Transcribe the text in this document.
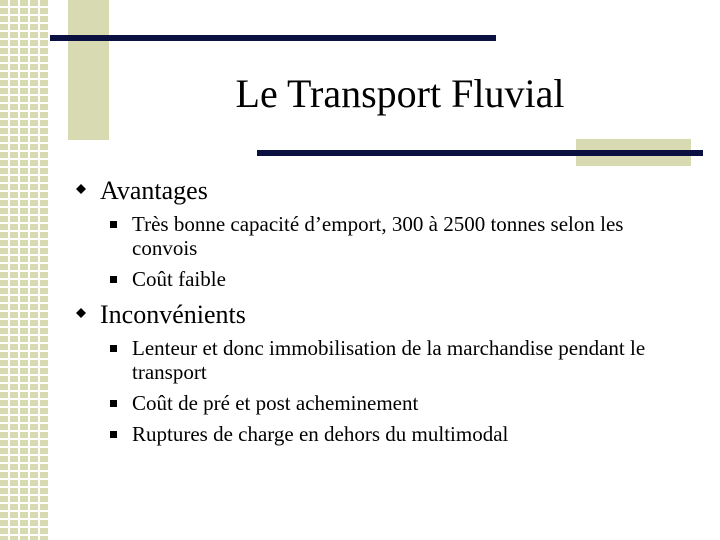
Le Transport Fluvial
Avantages
Très bonne capacité d’emport, 300 à 2500 tonnes selon les convois
Coût faible
Inconvénients
Lenteur et donc immobilisation de la marchandise pendant le transport
Coût de pré et post acheminement
Ruptures de charge en dehors du multimodal
